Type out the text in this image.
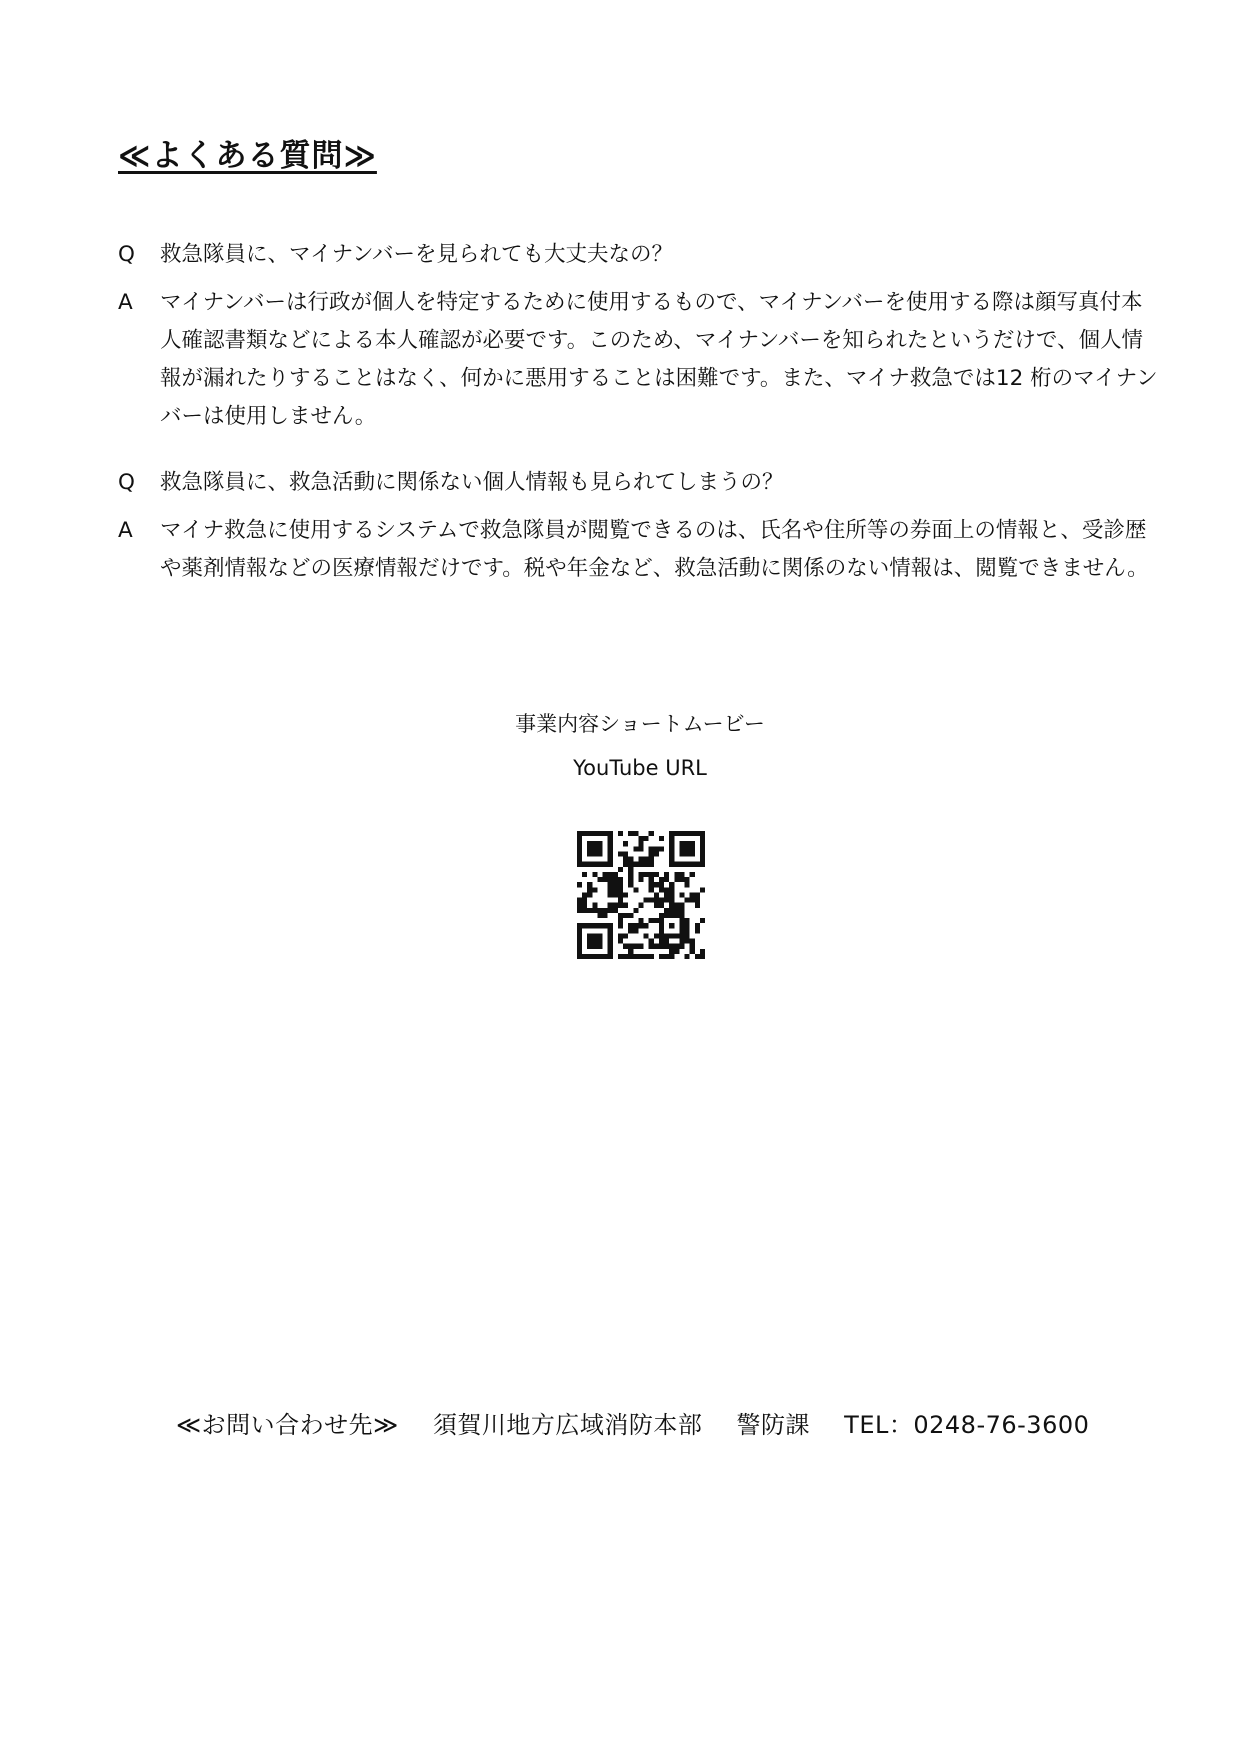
≪よくある質問≫
Q	救急隊員に、マイナンバーを見られても大丈夫なの？
A	マイナンバーは行政が個人を特定するために使用するもので、マイナンバーを使用する際は顔写真付本人確認書類などによる本人確認が必要です。このため、マイナンバーを知られたというだけで、個人情報が漏れたりすることはなく、何かに悪用することは困難です。また、マイナ救急では12 桁のマイナンバーは使用しません。
Q	救急隊員に、救急活動に関係ない個人情報も見られてしまうの？
A	マイナ救急に使用するシステムで救急隊員が閲覧できるのは、氏名や住所等の券面上の情報と、受診歴や薬剤情報などの医療情報だけです。税や年金など、救急活動に関係のない情報は、閲覧できません。
事業内容ショートムービー
YouTube URL
≪お問い合わせ先≫ 須賀川地方広域消防本部 警防課 TEL：0248-76-3600
